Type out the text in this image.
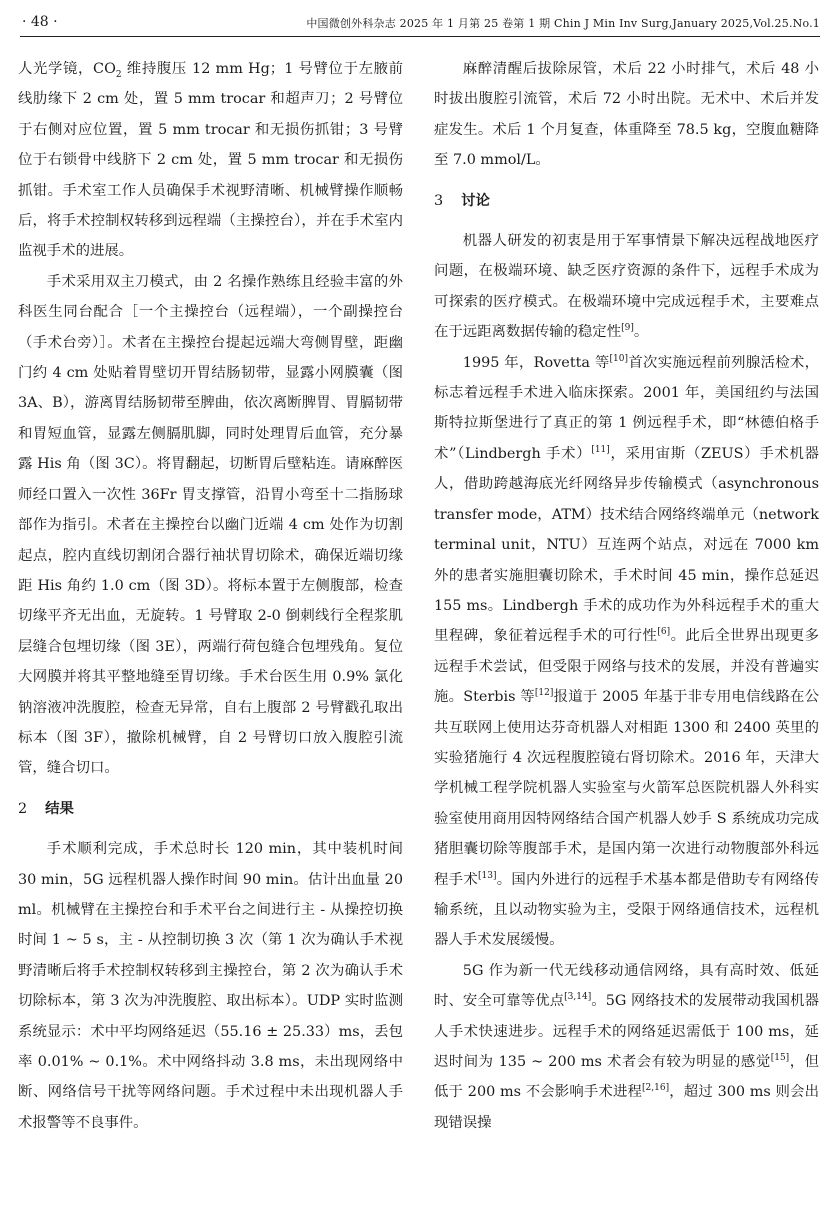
· 48 ·	中国微创外科杂志 2025 年 1 月第 25 卷第 1 期 Chin J Min Inv Surg,January 2025,Vol.25.No.1

人光学镜，$CO_2$ 维持腹压 12 mm Hg；1 号臂位于左腋前线肋缘下 2 cm 处，置 5 mm trocar 和超声刀；2 号臂位于右侧对应位置，置 5 mm trocar 和无损伤抓钳；3 号臂位于右锁骨中线脐下 2 cm 处，置 5 mm trocar 和无损伤抓钳。手术室工作人员确保手术视野清晰、机械臂操作顺畅后，将手术控制权转移到远程端（主操控台），并在手术室内监视手术的进展。

手术采用双主刀模式，由 2 名操作熟练且经验丰富的外科医生同台配合［一个主操控台（远程端），一个副操控台（手术台旁）］。术者在主操控台提起远端大弯侧胃壁，距幽门约 4 cm 处贴着胃壁切开胃结肠韧带，显露小网膜囊（图 3A、B），游离胃结肠韧带至脾曲，依次离断脾胃、胃膈韧带和胃短血管，显露左侧膈肌脚，同时处理胃后血管，充分暴露 His 角（图 3C）。将胃翻起，切断胃后壁粘连。请麻醉医师经口置入一次性 36Fr 胃支撑管，沿胃小弯至十二指肠球部作为指引。术者在主操控台以幽门近端 4 cm 处作为切割起点，腔内直线切割闭合器行袖状胃切除术，确保近端切缘距 His 角约 1.0 cm（图 3D）。将标本置于左侧腹部，检查切缘平齐无出血，无旋转。1 号臂取 2-0 倒刺线行全程浆肌层缝合包埋切缘（图 3E），两端行荷包缝合包埋残角。复位大网膜并将其平整地缝至胃切缘。手术台医生用 0.9% 氯化钠溶液冲洗腹腔，检查无异常，自右上腹部 2 号臂戳孔取出标本（图 3F），撤除机械臂，自 2 号臂切口放入腹腔引流管，缝合切口。

2 结果

手术顺利完成，手术总时长 120 min，其中装机时间 30 min，5G 远程机器人操作时间 90 min。估计出血量 20 ml。机械臂在主操控台和手术平台之间进行主 - 从操控切换时间 1 ~ 5 s，主 - 从控制切换 3 次（第 1 次为确认手术视野清晰后将手术控制权转移到主操控台，第 2 次为确认手术切除标本，第 3 次为冲洗腹腔、取出标本）。UDP 实时监测系统显示：术中平均网络延迟（55.16 ± 25.33）ms，丢包率 0.01% ~ 0.1%。术中网络抖动 3.8 ms，未出现网络中断、网络信号干扰等网络问题。手术过程中未出现机器人手术报警等不良事件。

麻醉清醒后拔除尿管，术后 22 小时排气，术后 48 小时拔出腹腔引流管，术后 72 小时出院。无术中、术后并发症发生。术后 1 个月复查，体重降至 78.5 kg，空腹血糖降至 7.0 mmol/L。

3 讨论

机器人研发的初衷是用于军事情景下解决远程战地医疗问题，在极端环境、缺乏医疗资源的条件下，远程手术成为可探索的医疗模式。在极端环境中完成远程手术，主要难点在于远距离数据传输的稳定性[9]。

1995 年，Rovetta 等[10]首次实施远程前列腺活检术，标志着远程手术进入临床探索。2001 年，美国纽约与法国斯特拉斯堡进行了真正的第 1 例远程手术，即“林德伯格手术”（Lindbergh 手术）[11]，采用宙斯（ZEUS）手术机器人，借助跨越海底光纤网络异步传输模式（asynchronous transfer mode，ATM）技术结合网络终端单元（network terminal unit，NTU）互连两个站点，对远在 7000 km 外的患者实施胆囊切除术，手术时间 45 min，操作总延迟 155 ms。Lindbergh 手术的成功作为外科远程手术的重大里程碑，象征着远程手术的可行性[6]。此后全世界出现更多远程手术尝试，但受限于网络与技术的发展，并没有普遍实施。Sterbis 等[12]报道于 2005 年基于非专用电信线路在公共互联网上使用达芬奇机器人对相距 1300 和 2400 英里的实验猪施行 4 次远程腹腔镜右肾切除术。2016 年，天津大学机械工程学院机器人实验室与火箭军总医院机器人外科实验室使用商用因特网络结合国产机器人妙手 S 系统成功完成猪胆囊切除等腹部手术，是国内第一次进行动物腹部外科远程手术[13]。国内外进行的远程手术基本都是借助专有网络传输系统，且以动物实验为主，受限于网络通信技术，远程机器人手术发展缓慢。

5G 作为新一代无线移动通信网络，具有高时效、低延时、安全可靠等优点[3,14]。5G 网络技术的发展带动我国机器人手术快速进步。远程手术的网络延迟需低于 100 ms，延迟时间为 135 ~ 200 ms 术者会有较为明显的感觉[15]，但低于 200 ms 不会影响手术进程[2,16]，超过 300 ms 则会出现错误操
